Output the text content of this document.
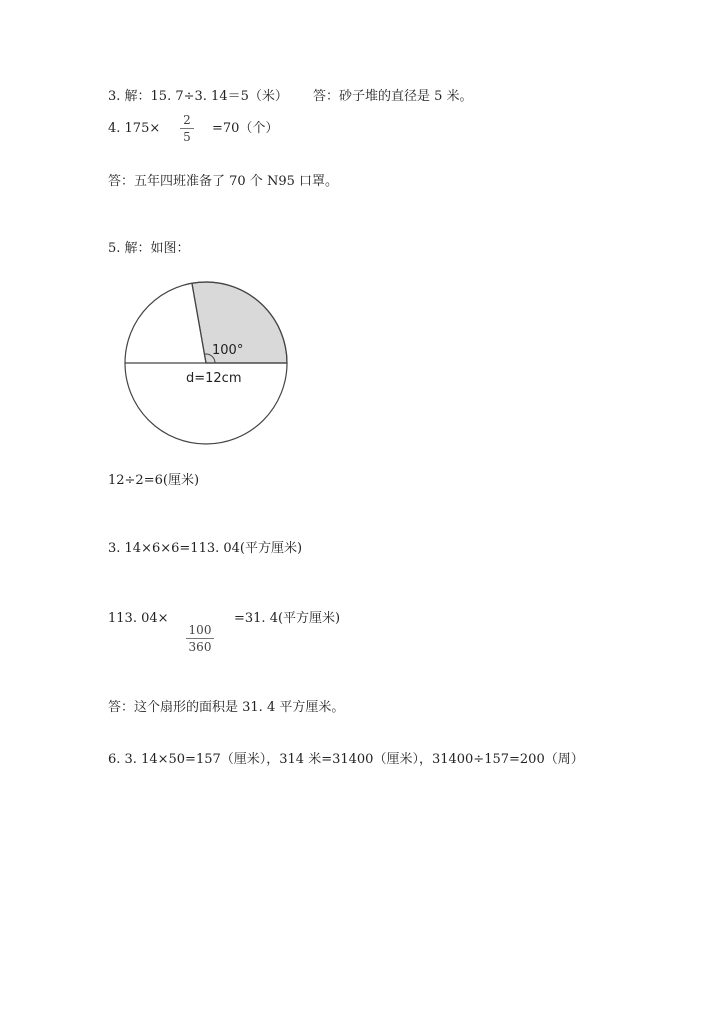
3. 解：15. 7÷3. 14＝5（米） 答：砂子堆的直径是 5 米。
4. 175×
2
5
=70（个）
答：五年四班准备了 70 个 N95 口罩。
5. 解：如图：
100°
d=12cm
12÷2=6(厘米)
3. 14×6×6=113. 04(平方厘米)
113. 04×
100
360
=31. 4(平方厘米)
答：这个扇形的面积是 31. 4 平方厘米。
6. 3. 14×50=157（厘米），314 米=31400（厘米），31400÷157=200（周）
